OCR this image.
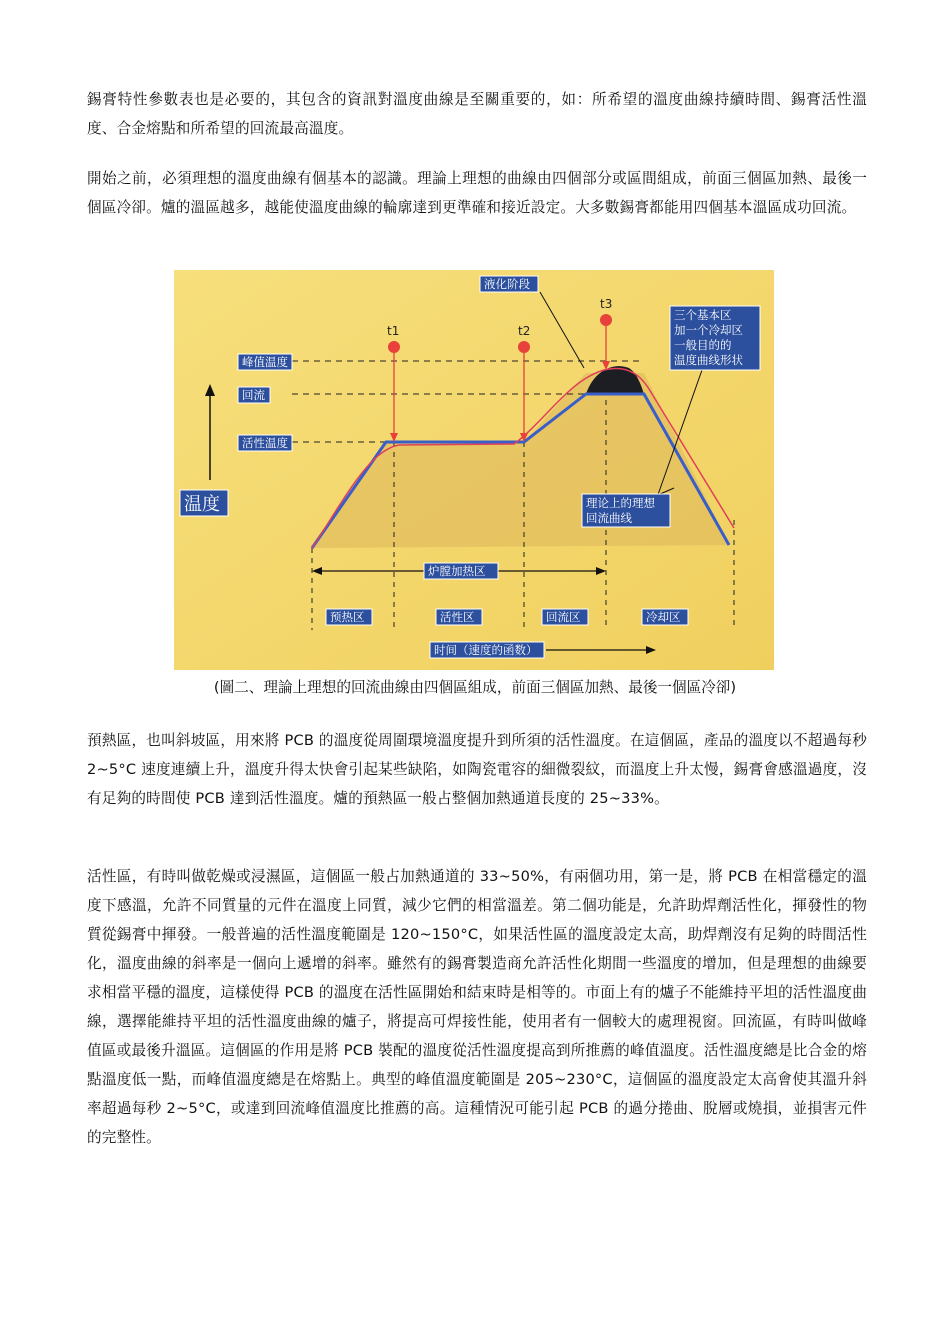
錫膏特性參數表也是必要的，其包含的資訊對溫度曲線是至關重要的，如：所希望的溫度曲線持續時間、錫膏活性溫度、合金熔點和所希望的回流最高溫度。
開始之前，必須理想的溫度曲線有個基本的認識。理論上理想的曲線由四個部分或區間組成，前面三個區加熱、最後一個區冷卻。爐的溫區越多，越能使溫度曲線的輪廓達到更準確和接近設定。大多數錫膏都能用四個基本溫區成功回流。
t1	t2
t3
液化阶段
峰值温度
回流
活性温度
温度
炉膛加热区
预热区	活性区	回流区	冷却区
时间（速度的函数）
三个基本区
加一个冷却区
一般目的的
温度曲线形状
理论上的理想
回流曲线
(圖二、理論上理想的回流曲線由四個區組成，前面三個區加熱、最後一個區冷卻)
預熱區，也叫斜坡區，用來將 PCB 的溫度從周圍環境溫度提升到所須的活性溫度。在這個區，產品的溫度以不超過每秒 2~5°C 速度連續上升，溫度升得太快會引起某些缺陷，如陶瓷電容的細微裂紋，而溫度上升太慢，錫膏會感溫過度，沒有足夠的時間使 PCB 達到活性溫度。爐的預熱區一般占整個加熱通道長度的 25~33%。
活性區，有時叫做乾燥或浸濕區，這個區一般占加熱通道的 33~50%，有兩個功用，第一是，將 PCB 在相當穩定的溫度下感溫，允許不同質量的元件在溫度上同質，減少它們的相當溫差。第二個功能是，允許助焊劑活性化，揮發性的物質從錫膏中揮發。一般普遍的活性溫度範圍是 120~150°C，如果活性區的溫度設定太高，助焊劑沒有足夠的時間活性化，溫度曲線的斜率是一個向上遞增的斜率。雖然有的錫膏製造商允許活性化期間一些溫度的增加，但是理想的曲線要求相當平穩的溫度，這樣使得 PCB 的溫度在活性區開始和結束時是相等的。市面上有的爐子不能維持平坦的活性溫度曲線，選擇能維持平坦的活性溫度曲線的爐子，將提高可焊接性能，使用者有一個較大的處理視窗。回流區，有時叫做峰值區或最後升溫區。這個區的作用是將 PCB 裝配的溫度從活性溫度提高到所推薦的峰值溫度。活性溫度總是比合金的熔點溫度低一點，而峰值溫度總是在熔點上。典型的峰值溫度範圍是 205~230°C，這個區的溫度設定太高會使其溫升斜率超過每秒 2~5°C，或達到回流峰值溫度比推薦的高。這種情況可能引起 PCB 的過分捲曲、脫層或燒損，並損害元件的完整性。
